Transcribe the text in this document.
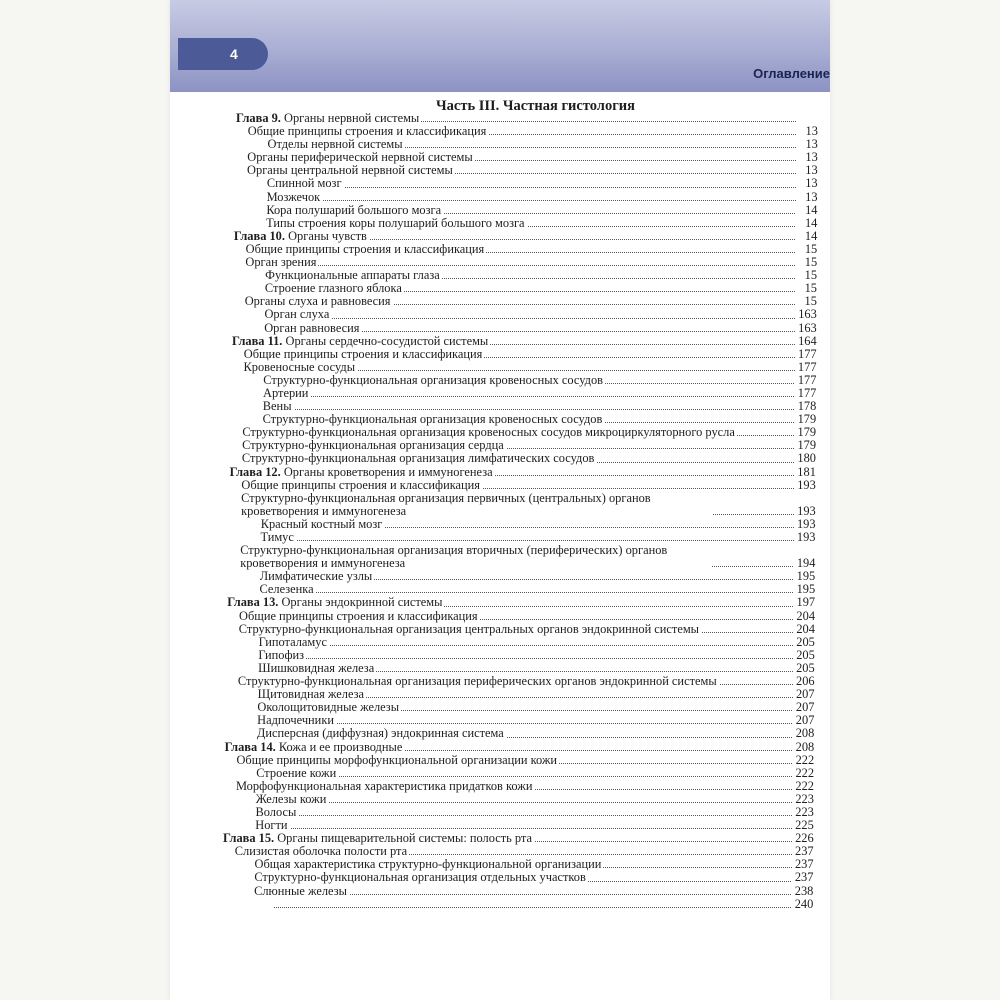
4
Оглавление
Часть III. Частная гистология
Глава 9. Органы нервной системы
Общие принципы строения и классификация	13
Отделы нервной системы	13
Органы периферической нервной системы	13
Органы центральной нервной системы	13
Спинной мозг	13
Мозжечок	13
Кора полушарий большого мозга	14
Типы строения коры полушарий большого мозга	14
Глава 10. Органы чувств	14
Общие принципы строения и классификация	15
Орган зрения	15
Функциональные аппараты глаза	15
Строение глазного яблока	15
Органы слуха и равновесия	15
Орган слуха	163
Орган равновесия	163
Глава 11. Органы сердечно-сосудистой системы	164
Общие принципы строения и классификация	177
Кровеносные сосуды	177
Структурно-функциональная организация кровеносных сосудов	177
Артерии	177
Вены	178
Структурно-функциональная организация кровеносных сосудов	179
Структурно-функциональная организация кровеносных сосудов микроциркуляторного русла	179
Структурно-функциональная организация сердца	179
Структурно-функциональная организация лимфатических сосудов	180
Глава 12. Органы кроветворения и иммуногенеза	181
Общие принципы строения и классификация	193
Структурно-функциональная организация первичных (центральных) органов кроветворения и иммуногенеза	193
Красный костный мозг	193
Тимус	193
Структурно-функциональная организация вторичных (периферических) органов кроветворения и иммуногенеза	194
Лимфатические узлы	195
Селезенка	195
Глава 13. Органы эндокринной системы	197
Общие принципы строения и классификация	204
Структурно-функциональная организация центральных органов эндокринной системы	204
Гипоталамус	205
Гипофиз	205
Шишковидная железа	205
Структурно-функциональная организация периферических органов эндокринной системы	206
Щитовидная железа	207
Околощитовидные железы	207
Надпочечники	207
Дисперсная (диффузная) эндокринная система	208
Глава 14. Кожа и ее производные	208
Общие принципы морфофункциональной организации кожи	222
Строение кожи	222
Морфофункциональная характеристика придатков кожи	222
Железы кожи	223
Волосы	223
Ногти	225
Глава 15. Органы пищеварительной системы: полость рта	226
Слизистая оболочка полости рта	237
Общая характеристика структурно-функциональной организации	237
Структурно-функциональная организация отдельных участков	237
Слюнные железы	238
240
